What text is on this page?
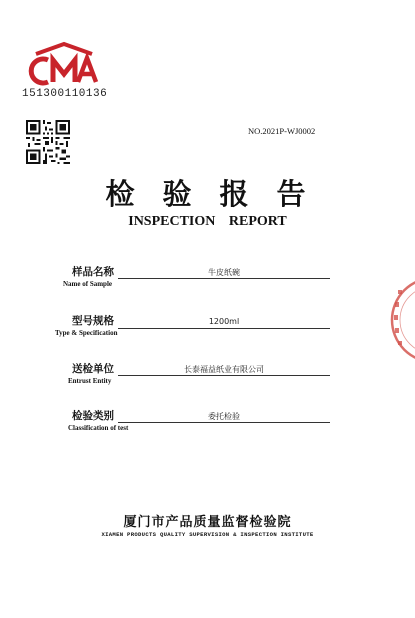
151300110136
NO.2021P-WJ0002
检验报告
INSPECTION REPORT
样品名称
Name of Sample
牛皮纸碗
型号规格
Type & Specification
1200ml
送检单位
Entrust Entity
长泰福益纸业有限公司
检验类别
Classification of test
委托检验
厦门市产品质量监督检验院
XIAMEN PRODUCTS QUALITY SUPERVISION & INSPECTION INSTITUTE
